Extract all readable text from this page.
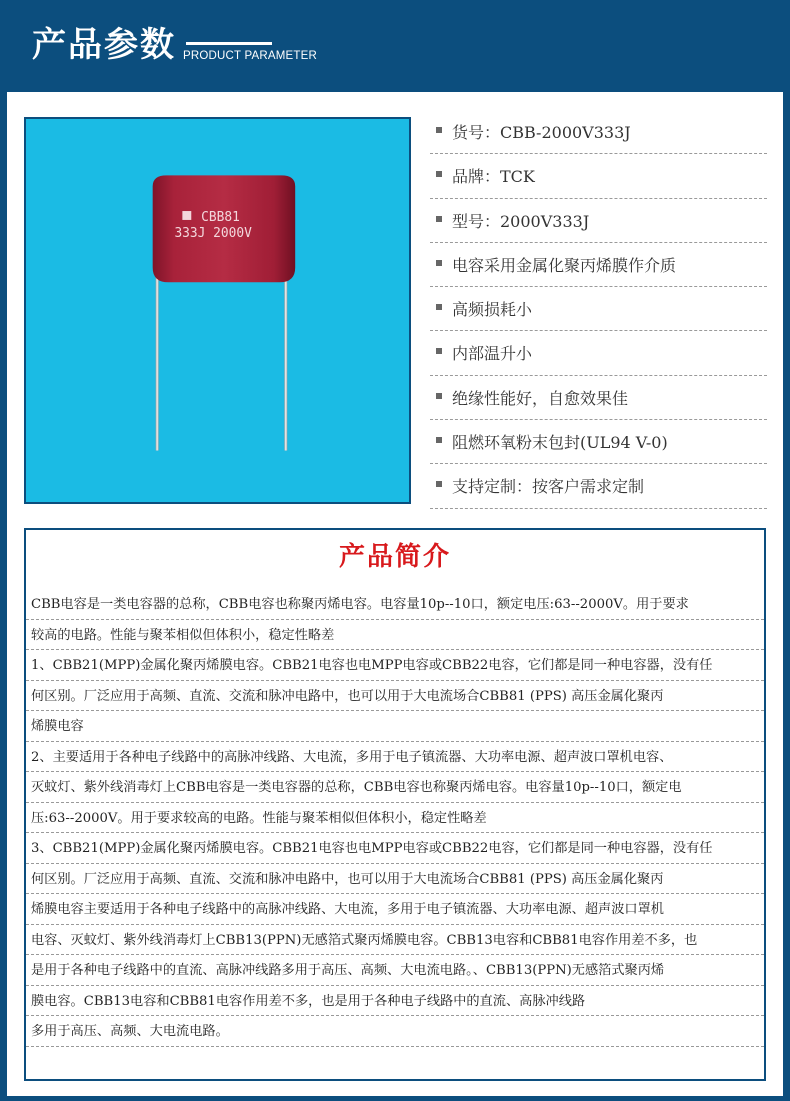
产品参数 PRODUCT PARAMETER
CBB81
333J 2000V
货号：CBB-2000V333J
品牌：TCK
型号：2000V333J
电容采用金属化聚丙烯膜作介质
高频损耗小
内部温升小
绝缘性能好，自愈效果佳
阻燃环氧粉末包封(UL94 V-0)
支持定制：按客户需求定制
产品简介
CBB电容是一类电容器的总称，CBB电容也称聚丙烯电容。电容量10p--10口，额定电压:63--2000V。用于要求
较高的电路。性能与聚苯相似但体积小，稳定性略差
1、CBB21(MPP)金属化聚丙烯膜电容。CBB21电容也电MPP电容或CBB22电容，它们都是同一种电容器，没有任
何区别。厂泛应用于高频、直流、交流和脉冲电路中，也可以用于大电流场合CBB81 (PPS) 高压金属化聚丙
烯膜电容
2、主要适用于各种电子线路中的高脉冲线路、大电流，多用于电子镇流器、大功率电源、超声波口罩机电容、
灭蚊灯、紫外线消毒灯上CBB电容是一类电容器的总称，CBB电容也称聚丙烯电容。电容量10p--10口，额定电
压:63--2000V。用于要求较高的电路。性能与聚苯相似但体积小，稳定性略差
3、CBB21(MPP)金属化聚丙烯膜电容。CBB21电容也电MPP电容或CBB22电容，它们都是同一种电容器，没有任
何区别。厂泛应用于高频、直流、交流和脉冲电路中，也可以用于大电流场合CBB81 (PPS) 高压金属化聚丙
烯膜电容主要适用于各种电子线路中的高脉冲线路、大电流，多用于电子镇流器、大功率电源、超声波口罩机
电容、灭蚊灯、紫外线消毒灯上CBB13(PPN)无感箔式聚丙烯膜电容。CBB13电容和CBB81电容作用差不多，也
是用于各种电子线路中的直流、高脉冲线路多用于高压、高频、大电流电路。、CBB13(PPN)无感箔式聚丙烯
膜电容。CBB13电容和CBB81电容作用差不多，也是用于各种电子线路中的直流、高脉冲线路
多用于高压、高频、大电流电路。
